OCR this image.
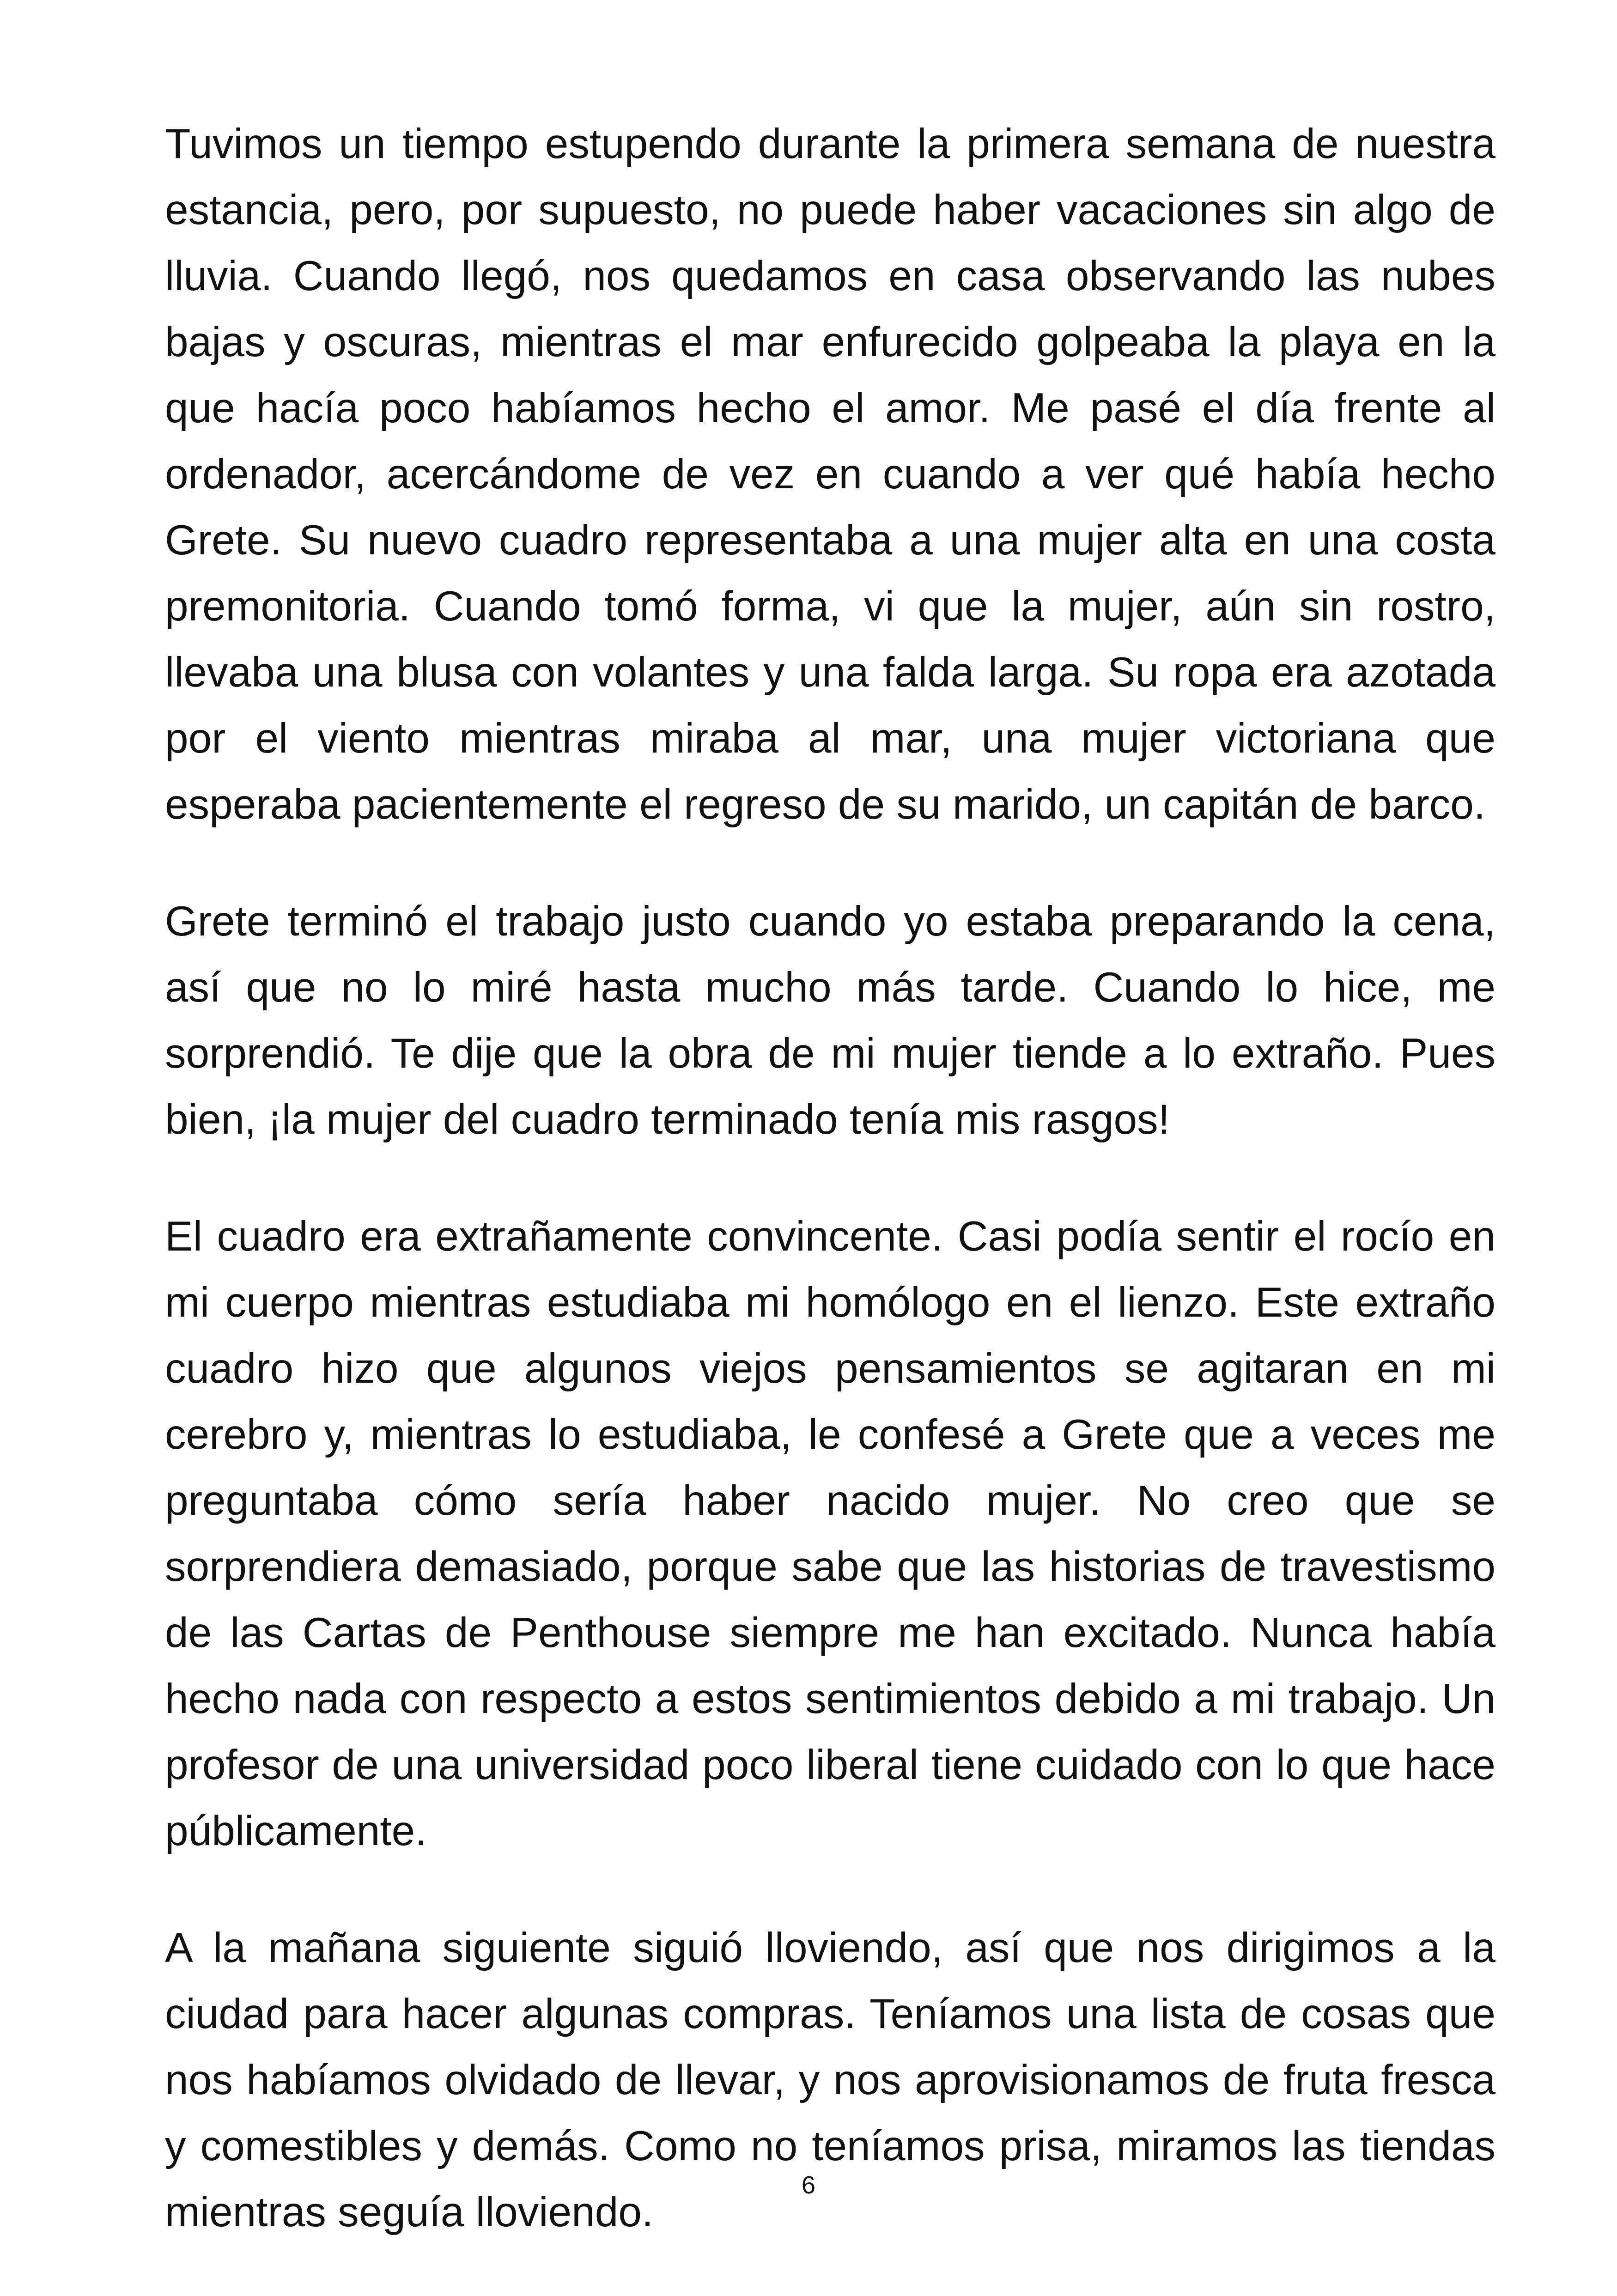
Tuvimos un tiempo estupendo durante la primera semana de nuestra estancia, pero, por supuesto, no puede haber vacaciones sin algo de lluvia. Cuando llegó, nos quedamos en casa observando las nubes bajas y oscuras, mientras el mar enfurecido golpeaba la playa en la que hacía poco habíamos hecho el amor. Me pasé el día frente al ordenador, acercándome de vez en cuando a ver qué había hecho Grete. Su nuevo cuadro representaba a una mujer alta en una costa premonitoria. Cuando tomó forma, vi que la mujer, aún sin rostro, llevaba una blusa con volantes y una falda larga. Su ropa era azotada por el viento mientras miraba al mar, una mujer victoriana que esperaba pacientemente el regreso de su marido, un capitán de barco.

Grete terminó el trabajo justo cuando yo estaba preparando la cena, así que no lo miré hasta mucho más tarde. Cuando lo hice, me sorprendió. Te dije que la obra de mi mujer tiende a lo extraño. Pues bien, ¡la mujer del cuadro terminado tenía mis rasgos!

El cuadro era extrañamente convincente. Casi podía sentir el rocío en mi cuerpo mientras estudiaba mi homólogo en el lienzo. Este extraño cuadro hizo que algunos viejos pensamientos se agitaran en mi cerebro y, mientras lo estudiaba, le confesé a Grete que a veces me preguntaba cómo sería haber nacido mujer. No creo que se sorprendiera demasiado, porque sabe que las historias de travestismo de las Cartas de Penthouse siempre me han excitado. Nunca había hecho nada con respecto a estos sentimientos debido a mi trabajo. Un profesor de una universidad poco liberal tiene cuidado con lo que hace públicamente.

A la mañana siguiente siguió lloviendo, así que nos dirigimos a la ciudad para hacer algunas compras. Teníamos una lista de cosas que nos habíamos olvidado de llevar, y nos aprovisionamos de fruta fresca y comestibles y demás. Como no teníamos prisa, miramos las tiendas mientras seguía lloviendo.

6
